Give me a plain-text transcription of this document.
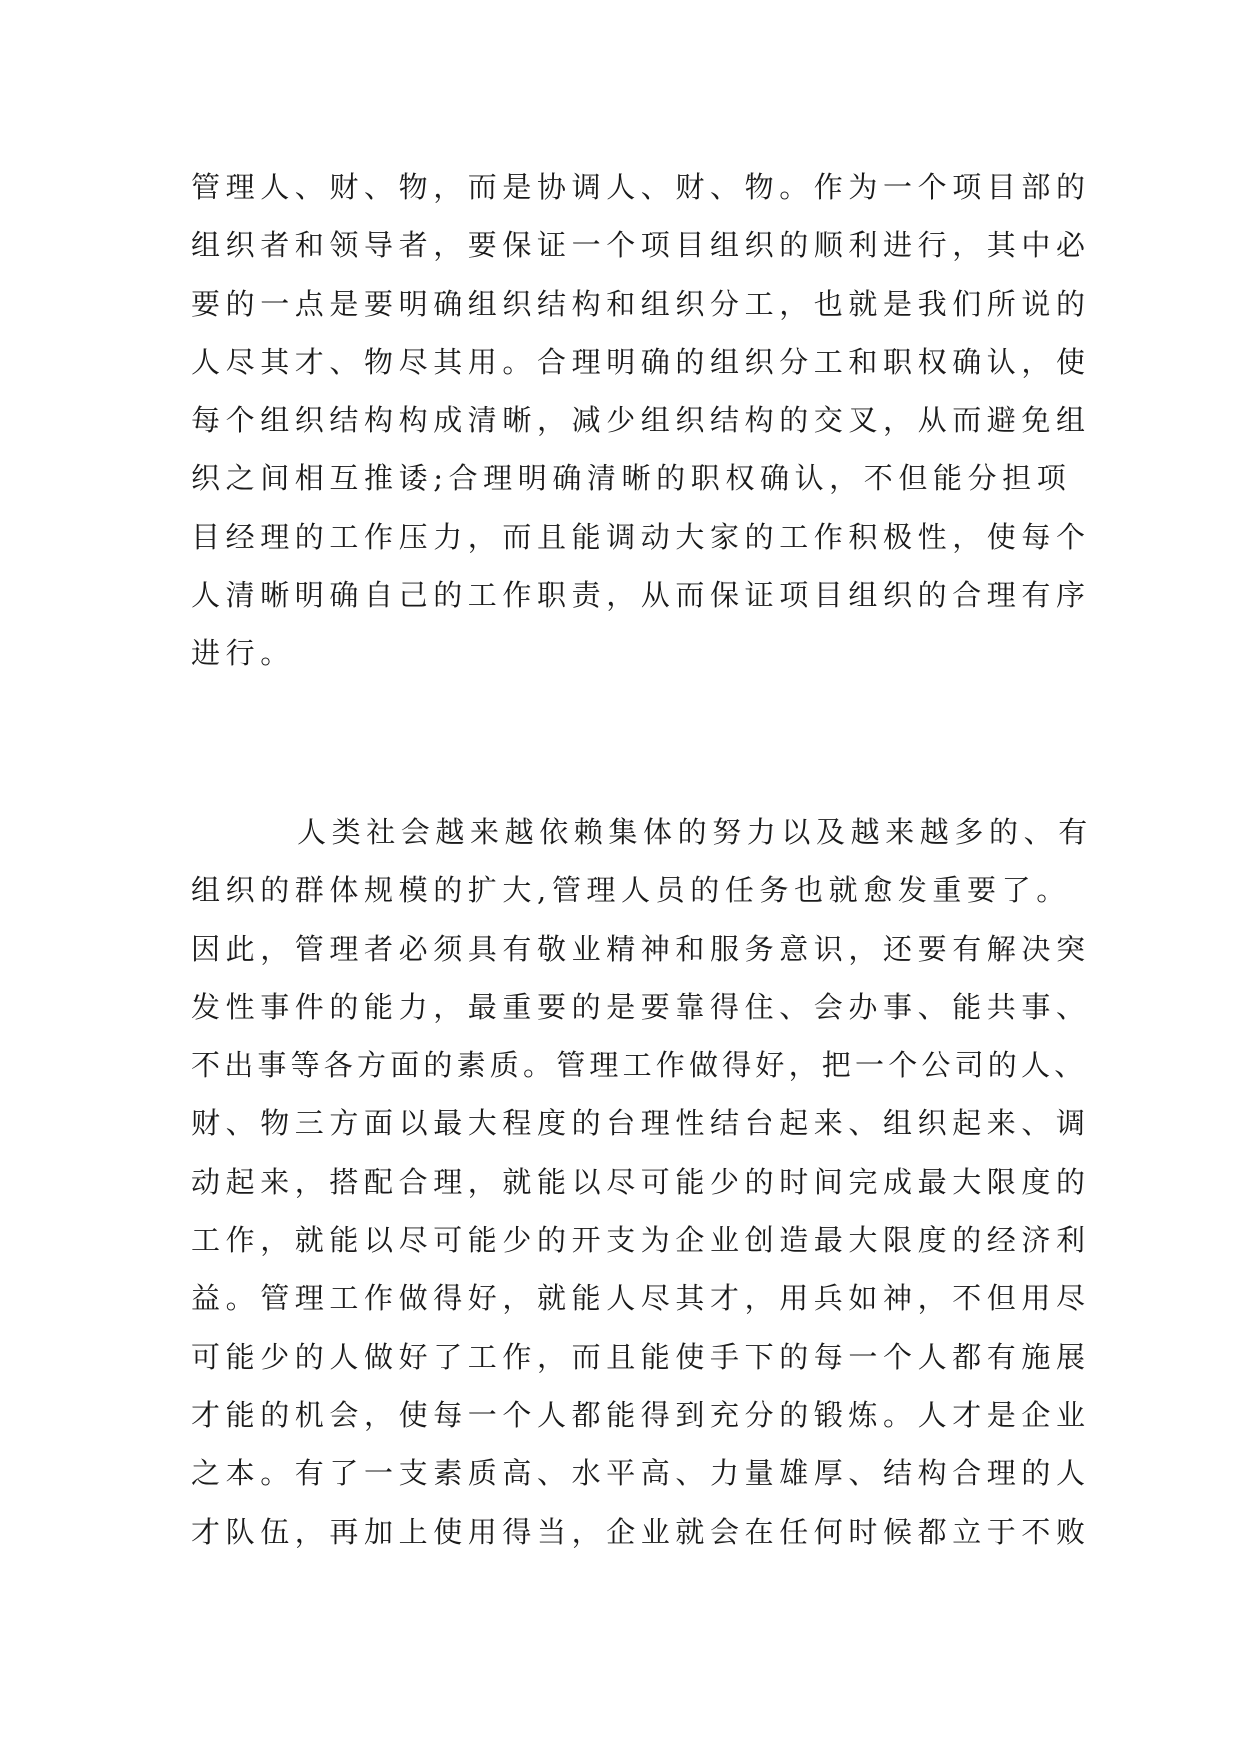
管理人、财、物，而是协调人、财、物。作为一个项目部的
组织者和领导者，要保证一个项目组织的顺利进行，其中必
要的一点是要明确组织结构和组织分工，也就是我们所说的
人尽其才、物尽其用。合理明确的组织分工和职权确认，使
每个组织结构构成清晰，减少组织结构的交叉，从而避免组
织之间相互推诿;合理明确清晰的职权确认，不但能分担项
目经理的工作压力，而且能调动大家的工作积极性，使每个
人清晰明确自己的工作职责，从而保证项目组织的合理有序
进行。
人类社会越来越依赖集体的努力以及越来越多的、有
组织的群体规模的扩大,管理人员的任务也就愈发重要了。
因此，管理者必须具有敬业精神和服务意识，还要有解决突
发性事件的能力，最重要的是要靠得住、会办事、能共事、
不出事等各方面的素质。管理工作做得好，把一个公司的人、
财、物三方面以最大程度的台理性结台起来、组织起来、调
动起来，搭配合理，就能以尽可能少的时间完成最大限度的
工作，就能以尽可能少的开支为企业创造最大限度的经济利
益。管理工作做得好，就能人尽其才，用兵如神，不但用尽
可能少的人做好了工作，而且能使手下的每一个人都有施展
才能的机会，使每一个人都能得到充分的锻炼。人才是企业
之本。有了一支素质高、水平高、力量雄厚、结构合理的人
才队伍，再加上使用得当，企业就会在任何时候都立于不败
